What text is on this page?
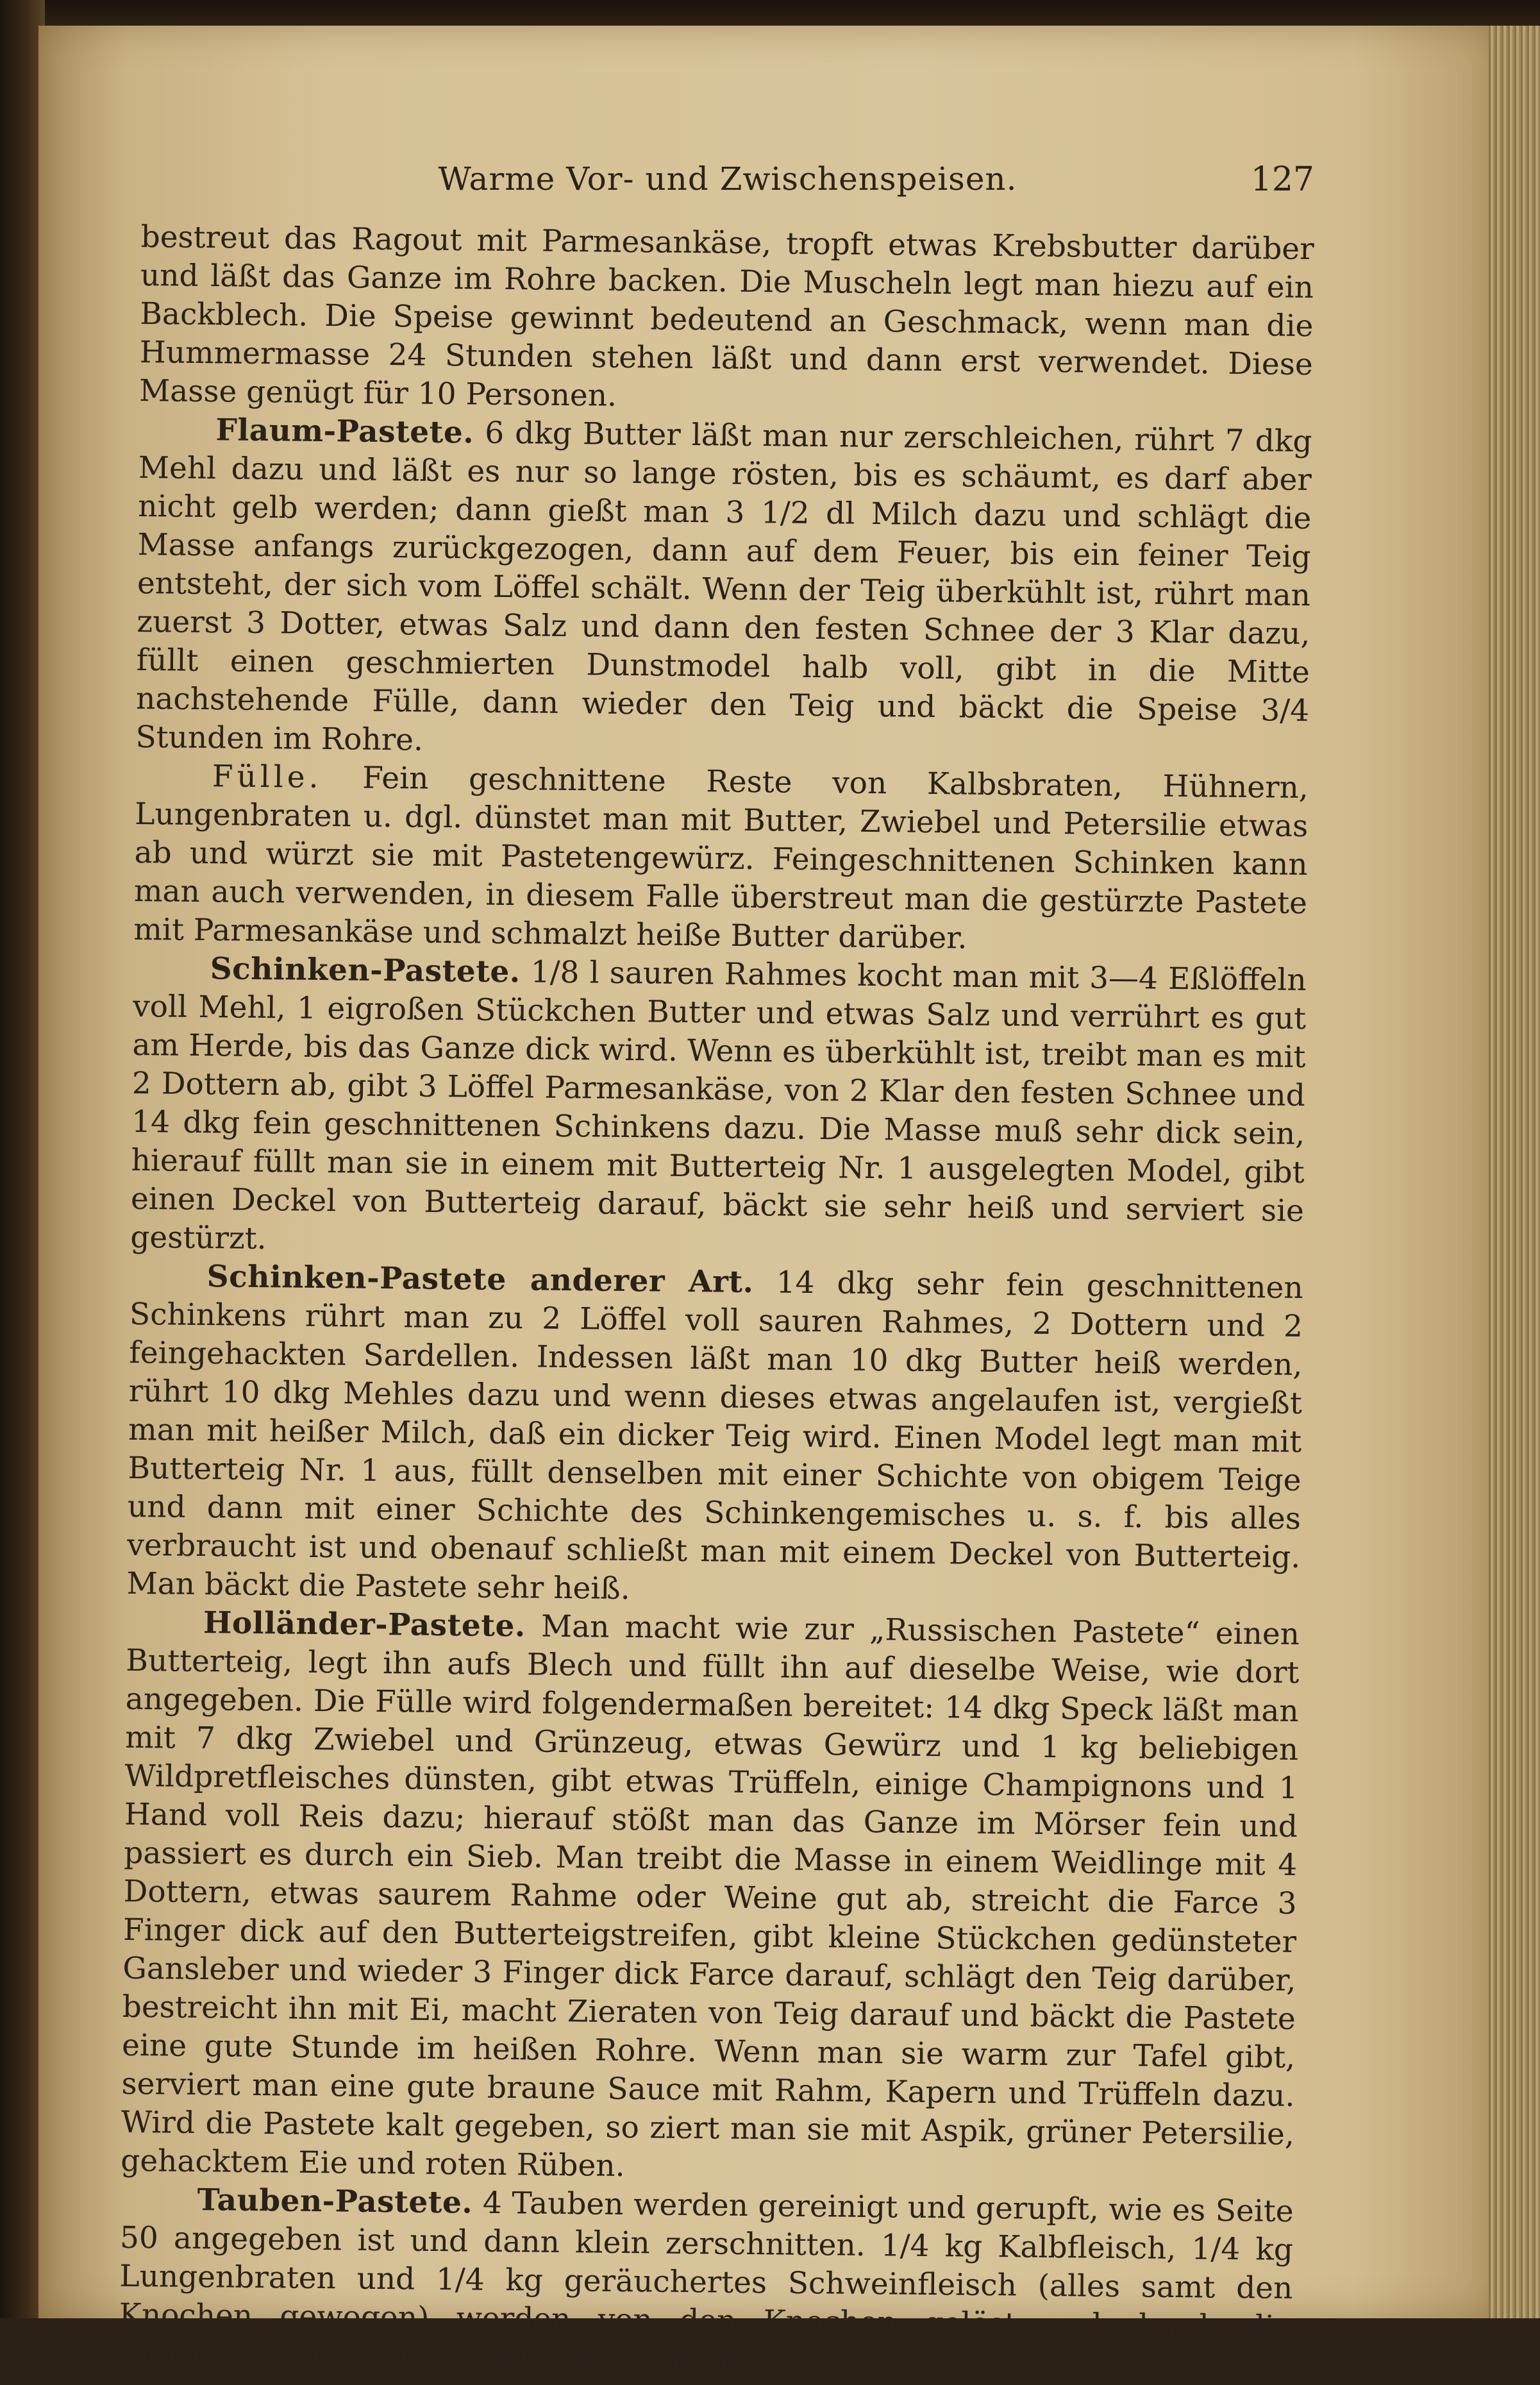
Warme Vor- und Zwischenspeisen.	127

bestreut das Ragout mit Parmesankäse, tropft etwas Krebsbutter darüber und läßt das Ganze im Rohre backen. Die Muscheln legt man hiezu auf ein Backblech. Die Speise gewinnt bedeutend an Geschmack, wenn man die Hummermasse 24 Stunden stehen läßt und dann erst verwendet. Diese Masse genügt für 10 Personen.

Flaum-Pastete. 6 dkg Butter läßt man nur zerschleichen, rührt 7 dkg Mehl dazu und läßt es nur so lange rösten, bis es schäumt, es darf aber nicht gelb werden; dann gießt man 3 1/2 dl Milch dazu und schlägt die Masse anfangs zurückgezogen, dann auf dem Feuer, bis ein feiner Teig entsteht, der sich vom Löffel schält. Wenn der Teig überkühlt ist, rührt man zuerst 3 Dotter, etwas Salz und dann den festen Schnee der 3 Klar dazu, füllt einen geschmierten Dunstmodel halb voll, gibt in die Mitte nachstehende Fülle, dann wieder den Teig und bäckt die Speise 3/4 Stunden im Rohre.

Fülle. Fein geschnittene Reste von Kalbsbraten, Hühnern, Lungenbraten u. dgl. dünstet man mit Butter, Zwiebel und Petersilie etwas ab und würzt sie mit Pastetengewürz. Feingeschnittenen Schinken kann man auch verwenden, in diesem Falle überstreut man die gestürzte Pastete mit Parmesankäse und schmalzt heiße Butter darüber.

Schinken-Pastete. 1/8 l sauren Rahmes kocht man mit 3—4 Eßlöffeln voll Mehl, 1 eigroßen Stückchen Butter und etwas Salz und verrührt es gut am Herde, bis das Ganze dick wird. Wenn es überkühlt ist, treibt man es mit 2 Dottern ab, gibt 3 Löffel Parmesankäse, von 2 Klar den festen Schnee und 14 dkg fein geschnittenen Schinkens dazu. Die Masse muß sehr dick sein, hierauf füllt man sie in einem mit Butterteig Nr. 1 ausgelegten Model, gibt einen Deckel von Butterteig darauf, bäckt sie sehr heiß und serviert sie gestürzt.

Schinken-Pastete anderer Art. 14 dkg sehr fein geschnittenen Schinkens rührt man zu 2 Löffel voll sauren Rahmes, 2 Dottern und 2 feingehackten Sardellen. Indessen läßt man 10 dkg Butter heiß werden, rührt 10 dkg Mehles dazu und wenn dieses etwas angelaufen ist, vergießt man mit heißer Milch, daß ein dicker Teig wird. Einen Model legt man mit Butterteig Nr. 1 aus, füllt denselben mit einer Schichte von obigem Teige und dann mit einer Schichte des Schinkengemisches u. s. f. bis alles verbraucht ist und obenauf schließt man mit einem Deckel von Butterteig. Man bäckt die Pastete sehr heiß.

Holländer-Pastete. Man macht wie zur „Russischen Pastete“ einen Butterteig, legt ihn aufs Blech und füllt ihn auf dieselbe Weise, wie dort angegeben. Die Fülle wird folgendermaßen bereitet: 14 dkg Speck läßt man mit 7 dkg Zwiebel und Grünzeug, etwas Gewürz und 1 kg beliebigen Wildpretfleisches dünsten, gibt etwas Trüffeln, einige Champignons und 1 Hand voll Reis dazu; hierauf stößt man das Ganze im Mörser fein und passiert es durch ein Sieb. Man treibt die Masse in einem Weidlinge mit 4 Dottern, etwas saurem Rahme oder Weine gut ab, streicht die Farce 3 Finger dick auf den Butterteigstreifen, gibt kleine Stückchen gedünsteter Gansleber und wieder 3 Finger dick Farce darauf, schlägt den Teig darüber, bestreicht ihn mit Ei, macht Zieraten von Teig darauf und bäckt die Pastete eine gute Stunde im heißen Rohre. Wenn man sie warm zur Tafel gibt, serviert man eine gute braune Sauce mit Rahm, Kapern und Trüffeln dazu. Wird die Pastete kalt gegeben, so ziert man sie mit Aspik, grüner Petersilie, gehacktem Eie und roten Rüben.

Tauben-Pastete. 4 Tauben werden gereinigt und gerupft, wie es Seite 50 angegeben ist und dann klein zerschnitten. 1/4 kg Kalbfleisch, 1/4 kg Lungenbraten und 1/4 kg geräuchertes Schweinfleisch (alles samt den Knochen gewogen) werden von den Knochen gelöst und durch die Fleischhackmaschine getrieben. Man dünstet
